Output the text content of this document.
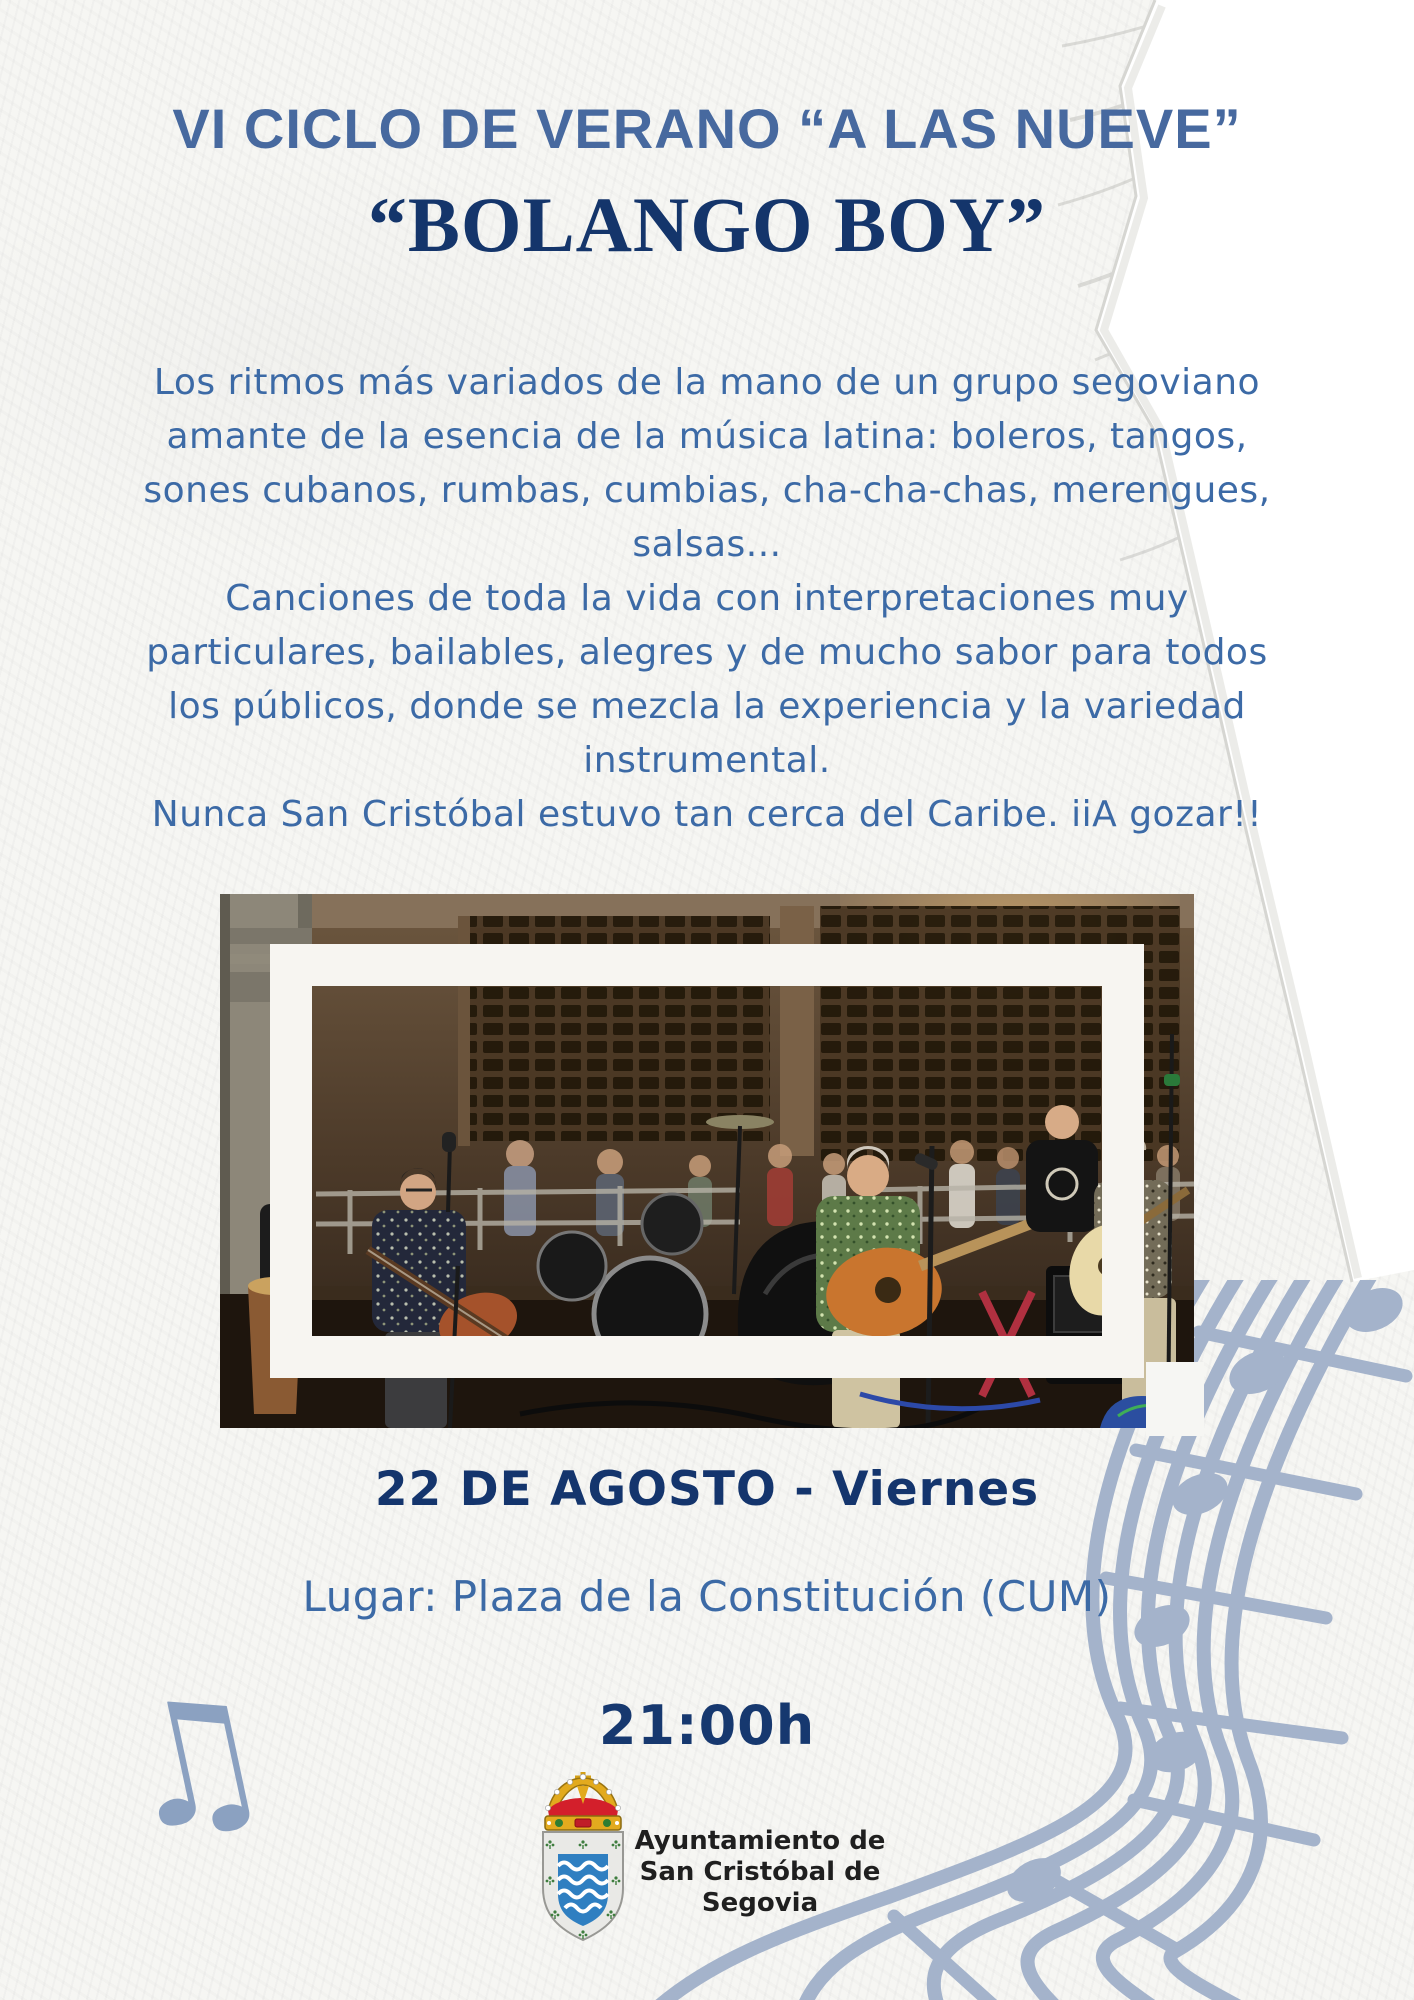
VI CICLO DE VERANO “A LAS NUEVE”
“BOLANGO BOY”
Los ritmos más variados de la mano de un grupo segoviano
amante de la esencia de la música latina: boleros, tangos,
sones cubanos, rumbas, cumbias, cha-cha-chas, merengues,
salsas...
Canciones de toda la vida con interpretaciones muy
particulares, bailables, alegres y de mucho sabor para todos
los públicos, donde se mezcla la experiencia y la variedad
instrumental.
Nunca San Cristóbal estuvo tan cerca del Caribe. iiA gozar!!
22 DE AGOSTO - Viernes
Lugar: Plaza de la Constitución (CUM)
21:00h
♫	Ayuntamiento de
San Cristóbal de Segovia
